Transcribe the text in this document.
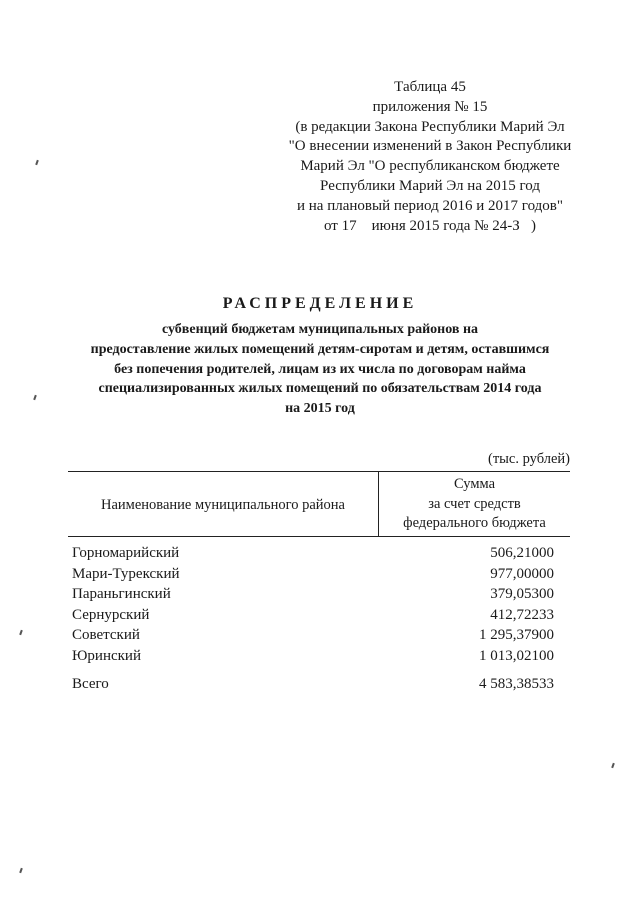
Таблица 45
приложения № 15
(в редакции Закона Республики Марий Эл
"О внесении изменений в Закон Республики
Марий Эл "О республиканском бюджете
Республики Марий Эл на 2015 год
и на плановый период 2016 и 2017 годов"
от 17    июня 2015 года № 24-З   )
РАСПРЕДЕЛЕНИЕ
субвенций бюджетам муниципальных районов на
предоставление жилых помещений детям-сиротам и детям, оставшимся
без попечения родителей, лицам из их числа по договорам найма
специализированных жилых помещений по обязательствам 2014 года
на 2015 год
(тыс. рублей)
Наименование муниципального района
Сумма
за счет средств
федерального бюджета
Горномарийский	506,21000
Мари-Турекский	977,00000
Параньгинский	379,05300
Сернурский	412,72233
Советский	1 295,37900
Юринский	1 013,02100
Всего	4 583,38533
